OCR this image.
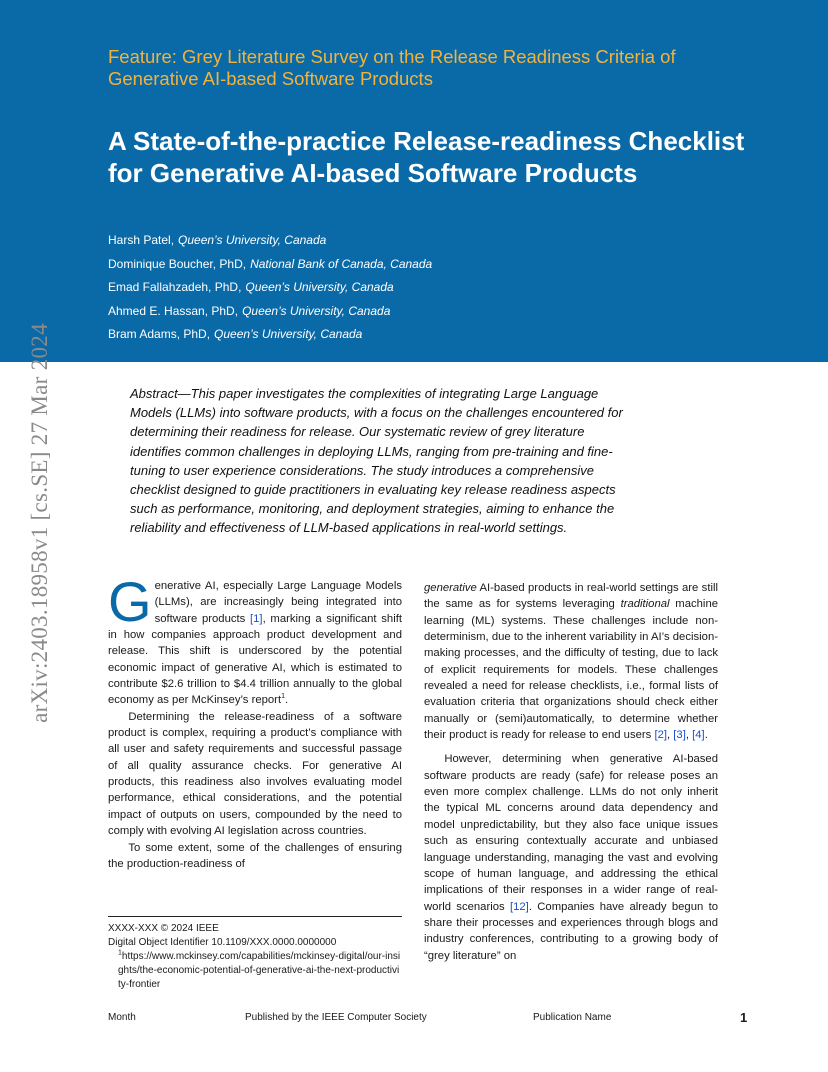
Feature: Grey Literature Survey on the Release Readiness Criteria of Generative AI-based Software Products
A State-of-the-practice Release-readiness Checklist for Generative AI-based Software Products
Harsh Patel, Queen’s University, Canada
Dominique Boucher, PhD, National Bank of Canada, Canada
Emad Fallahzadeh, PhD, Queen’s University, Canada
Ahmed E. Hassan, PhD, Queen’s University, Canada
Bram Adams, PhD, Queen’s University, Canada
arXiv:2403.18958v1 [cs.SE] 27 Mar 2024	Abstract—This paper investigates the complexities of integrating Large Language Models (LLMs) into software products, with a focus on the challenges encountered for determining their readiness for release. Our systematic review of grey literature identifies common challenges in deploying LLMs, ranging from pre-training and fine-tuning to user experience considerations. The study introduces a comprehensive checklist designed to guide practitioners in evaluating key release readiness aspects such as performance, monitoring, and deployment strategies, aiming to enhance the reliability and effectiveness of LLM-based applications in real-world settings.

Generative AI, especially Large Language Models (LLMs), are increasingly being integrated into software products [1], marking a significant shift in how companies approach product development and release. This shift is underscored by the potential economic impact of generative AI, which is estimated to contribute $2.6 trillion to $4.4 trillion annually to the global economy as per McKinsey’s report$^1$.

Determining the release-readiness of a software product is complex, requiring a product’s compliance with all user and safety requirements and successful passage of all quality assurance checks. For generative AI products, this readiness also involves evaluating model performance, ethical considerations, and the potential impact of outputs on users, compounded by the need to comply with evolving AI legislation across countries.

To some extent, some of the challenges of ensuring the production-readiness of

generative AI-based products in real-world settings are still the same as for systems leveraging traditional machine learning (ML) systems. These challenges include non-determinism, due to the inherent variability in AI’s decision-making processes, and the difficulty of testing, due to lack of explicit requirements for models. These challenges revealed a need for release checklists, i.e., formal lists of evaluation criteria that organizations should check either manually or (semi)automatically, to determine whether their product is ready for release to end users [2], [3], [4].

However, determining when generative AI-based software products are ready (safe) for release poses an even more complex challenge. LLMs do not only inherit the typical ML concerns around data dependency and model unpredictability, but they also face unique issues such as ensuring contextually accurate and unbiased language understanding, managing the vast and evolving scope of human language, and addressing the ethical implications of their responses in a wider range of real-world scenarios [12]. Companies have already begun to share their processes and experiences through blogs and industry conferences, contributing to a growing body of “grey literature” on

XXXX-XXX © 2024 IEEE
Digital Object Identifier 10.1109/XXX.0000.0000000
$^1$https://www.mckinsey.com/capabilities/mckinsey-digital/our-insights/the-economic-potential-of-generative-ai-the-next-productivity-frontier
Month	Published by the IEEE Computer Society	Publication Name	1
